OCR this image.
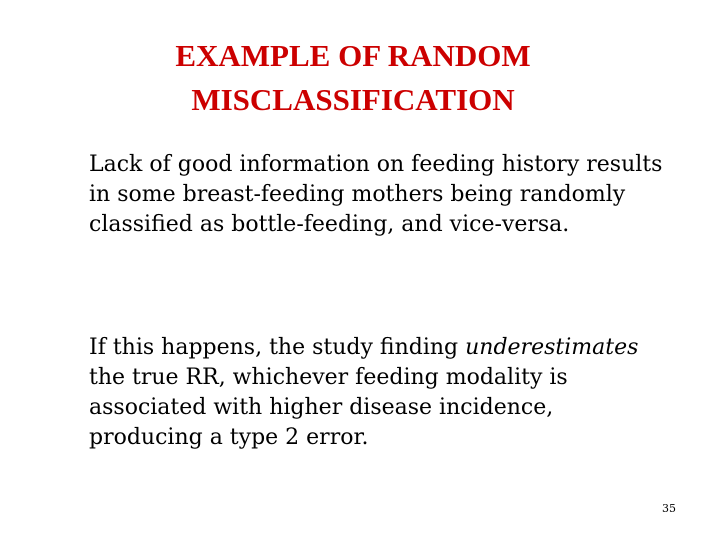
EXAMPLE OF RANDOM
MISCLASSIFICATION

Lack of good information on feeding history results in some breast-feeding mothers being randomly classified as bottle-feeding, and vice-versa.

If this happens, the study finding underestimates the true RR, whichever feeding modality is associated with higher disease incidence, producing a type 2 error.

35
